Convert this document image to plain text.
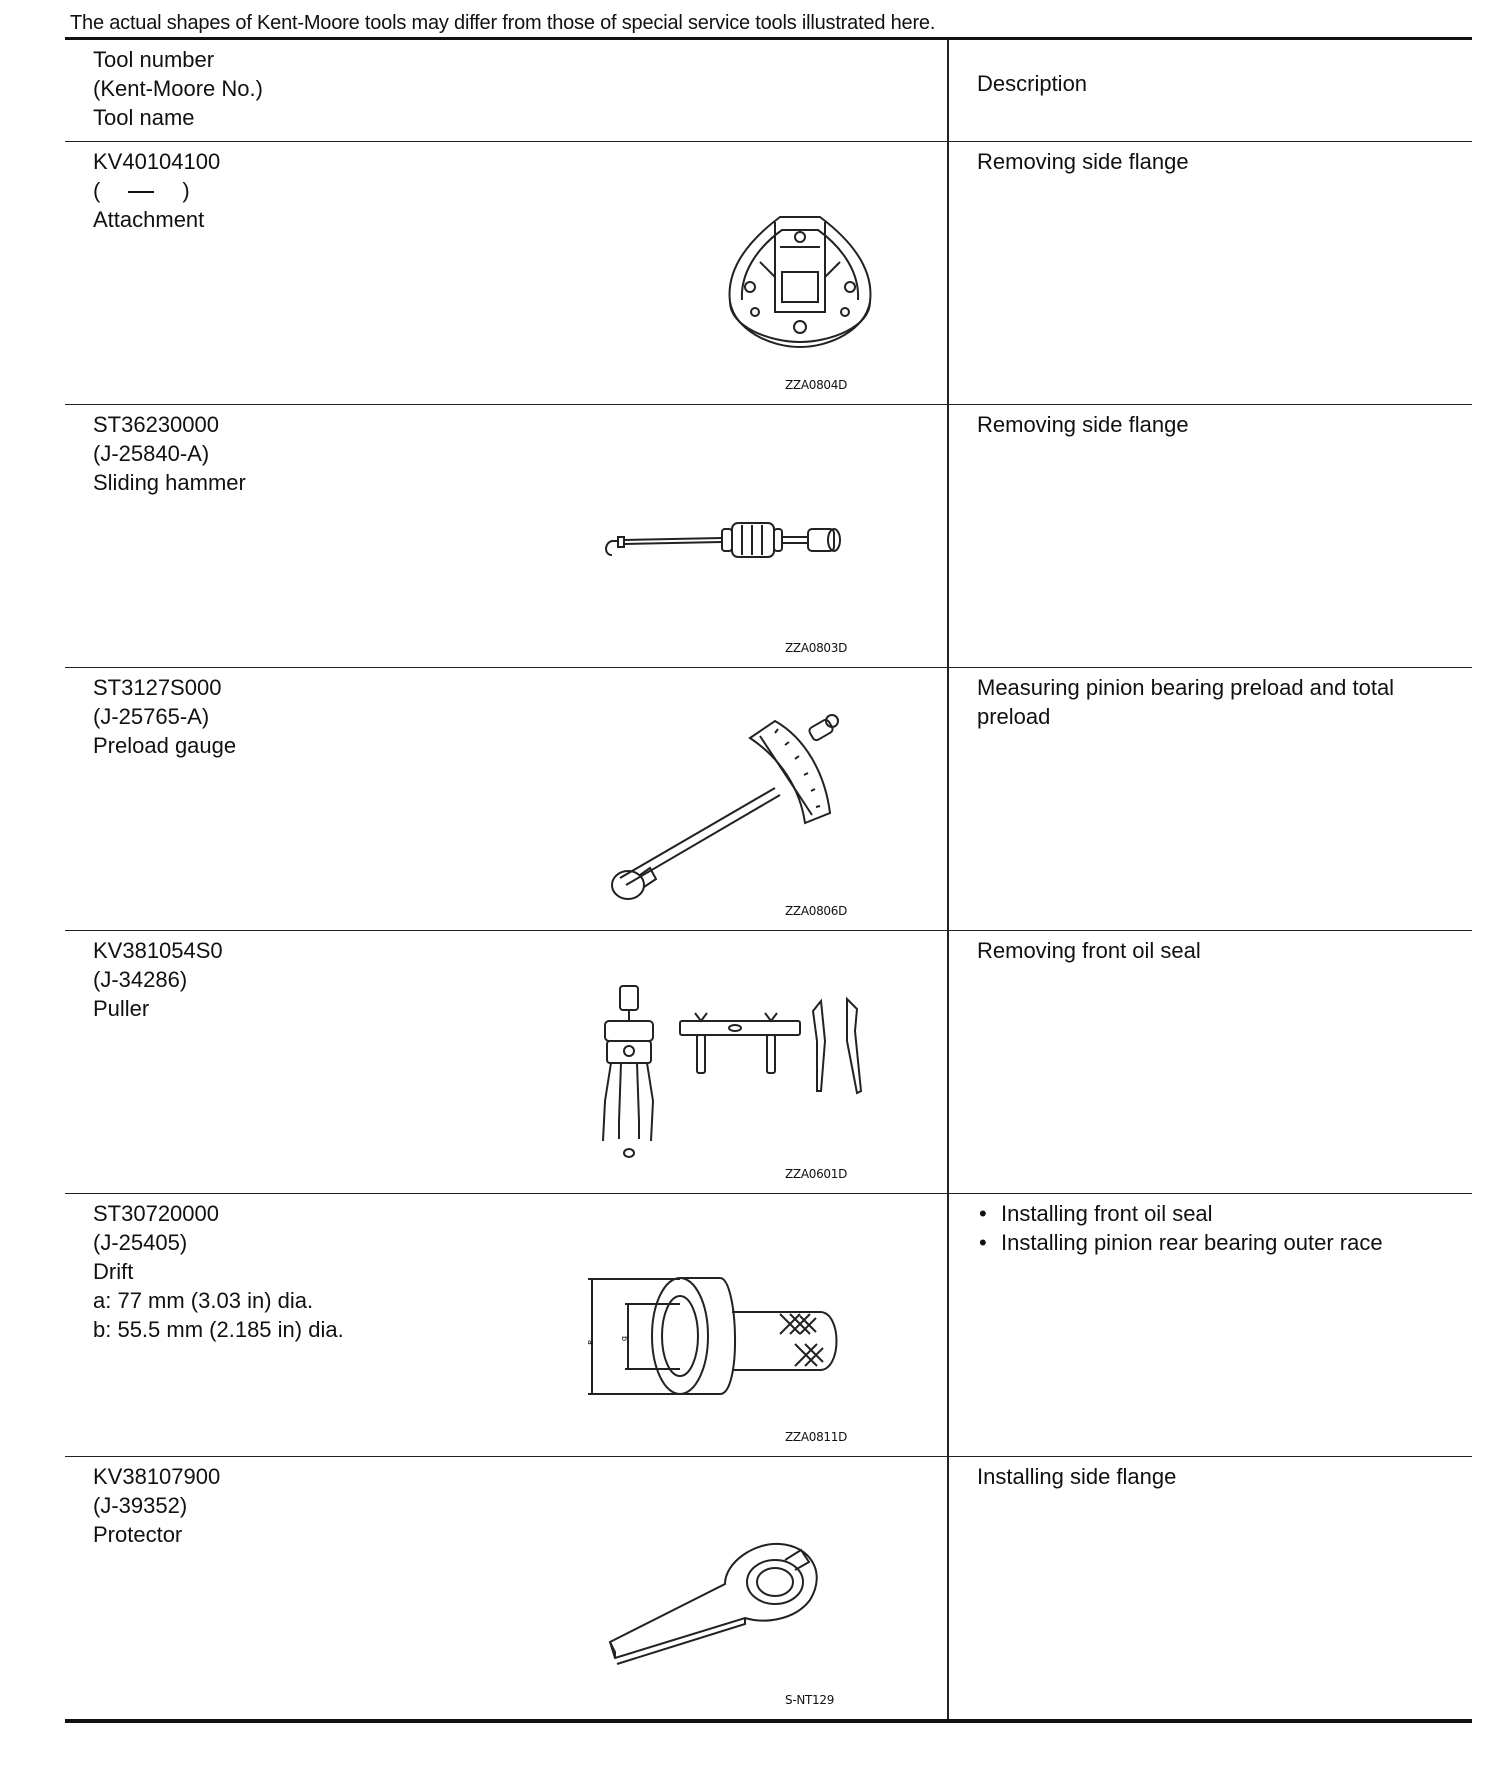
The actual shapes of Kent-Moore tools may differ from those of special service tools illustrated here.
Tool number
(Kent-Moore No.)
Tool name
Description
KV40104100
(	)
Attachment
ZZA0804D
Removing side flange
ST36230000
(J-25840-A)
Sliding hammer
ZZA0803D
Removing side flange
ST3127S000
(J-25765-A)
Preload gauge
ZZA0806D
Measuring pinion bearing preload and total preload
KV381054S0
(J-34286)
Puller
ZZA0601D
Removing front oil seal
ST30720000
(J-25405)
Drift
a: 77 mm (3.03 in) dia.
b: 55.5 mm (2.185 in) dia.
a
b
ZZA0811D
• Installing front oil seal
• Installing pinion rear bearing outer race
KV38107900
(J-39352)
Protector
S-NT129
Installing side flange
